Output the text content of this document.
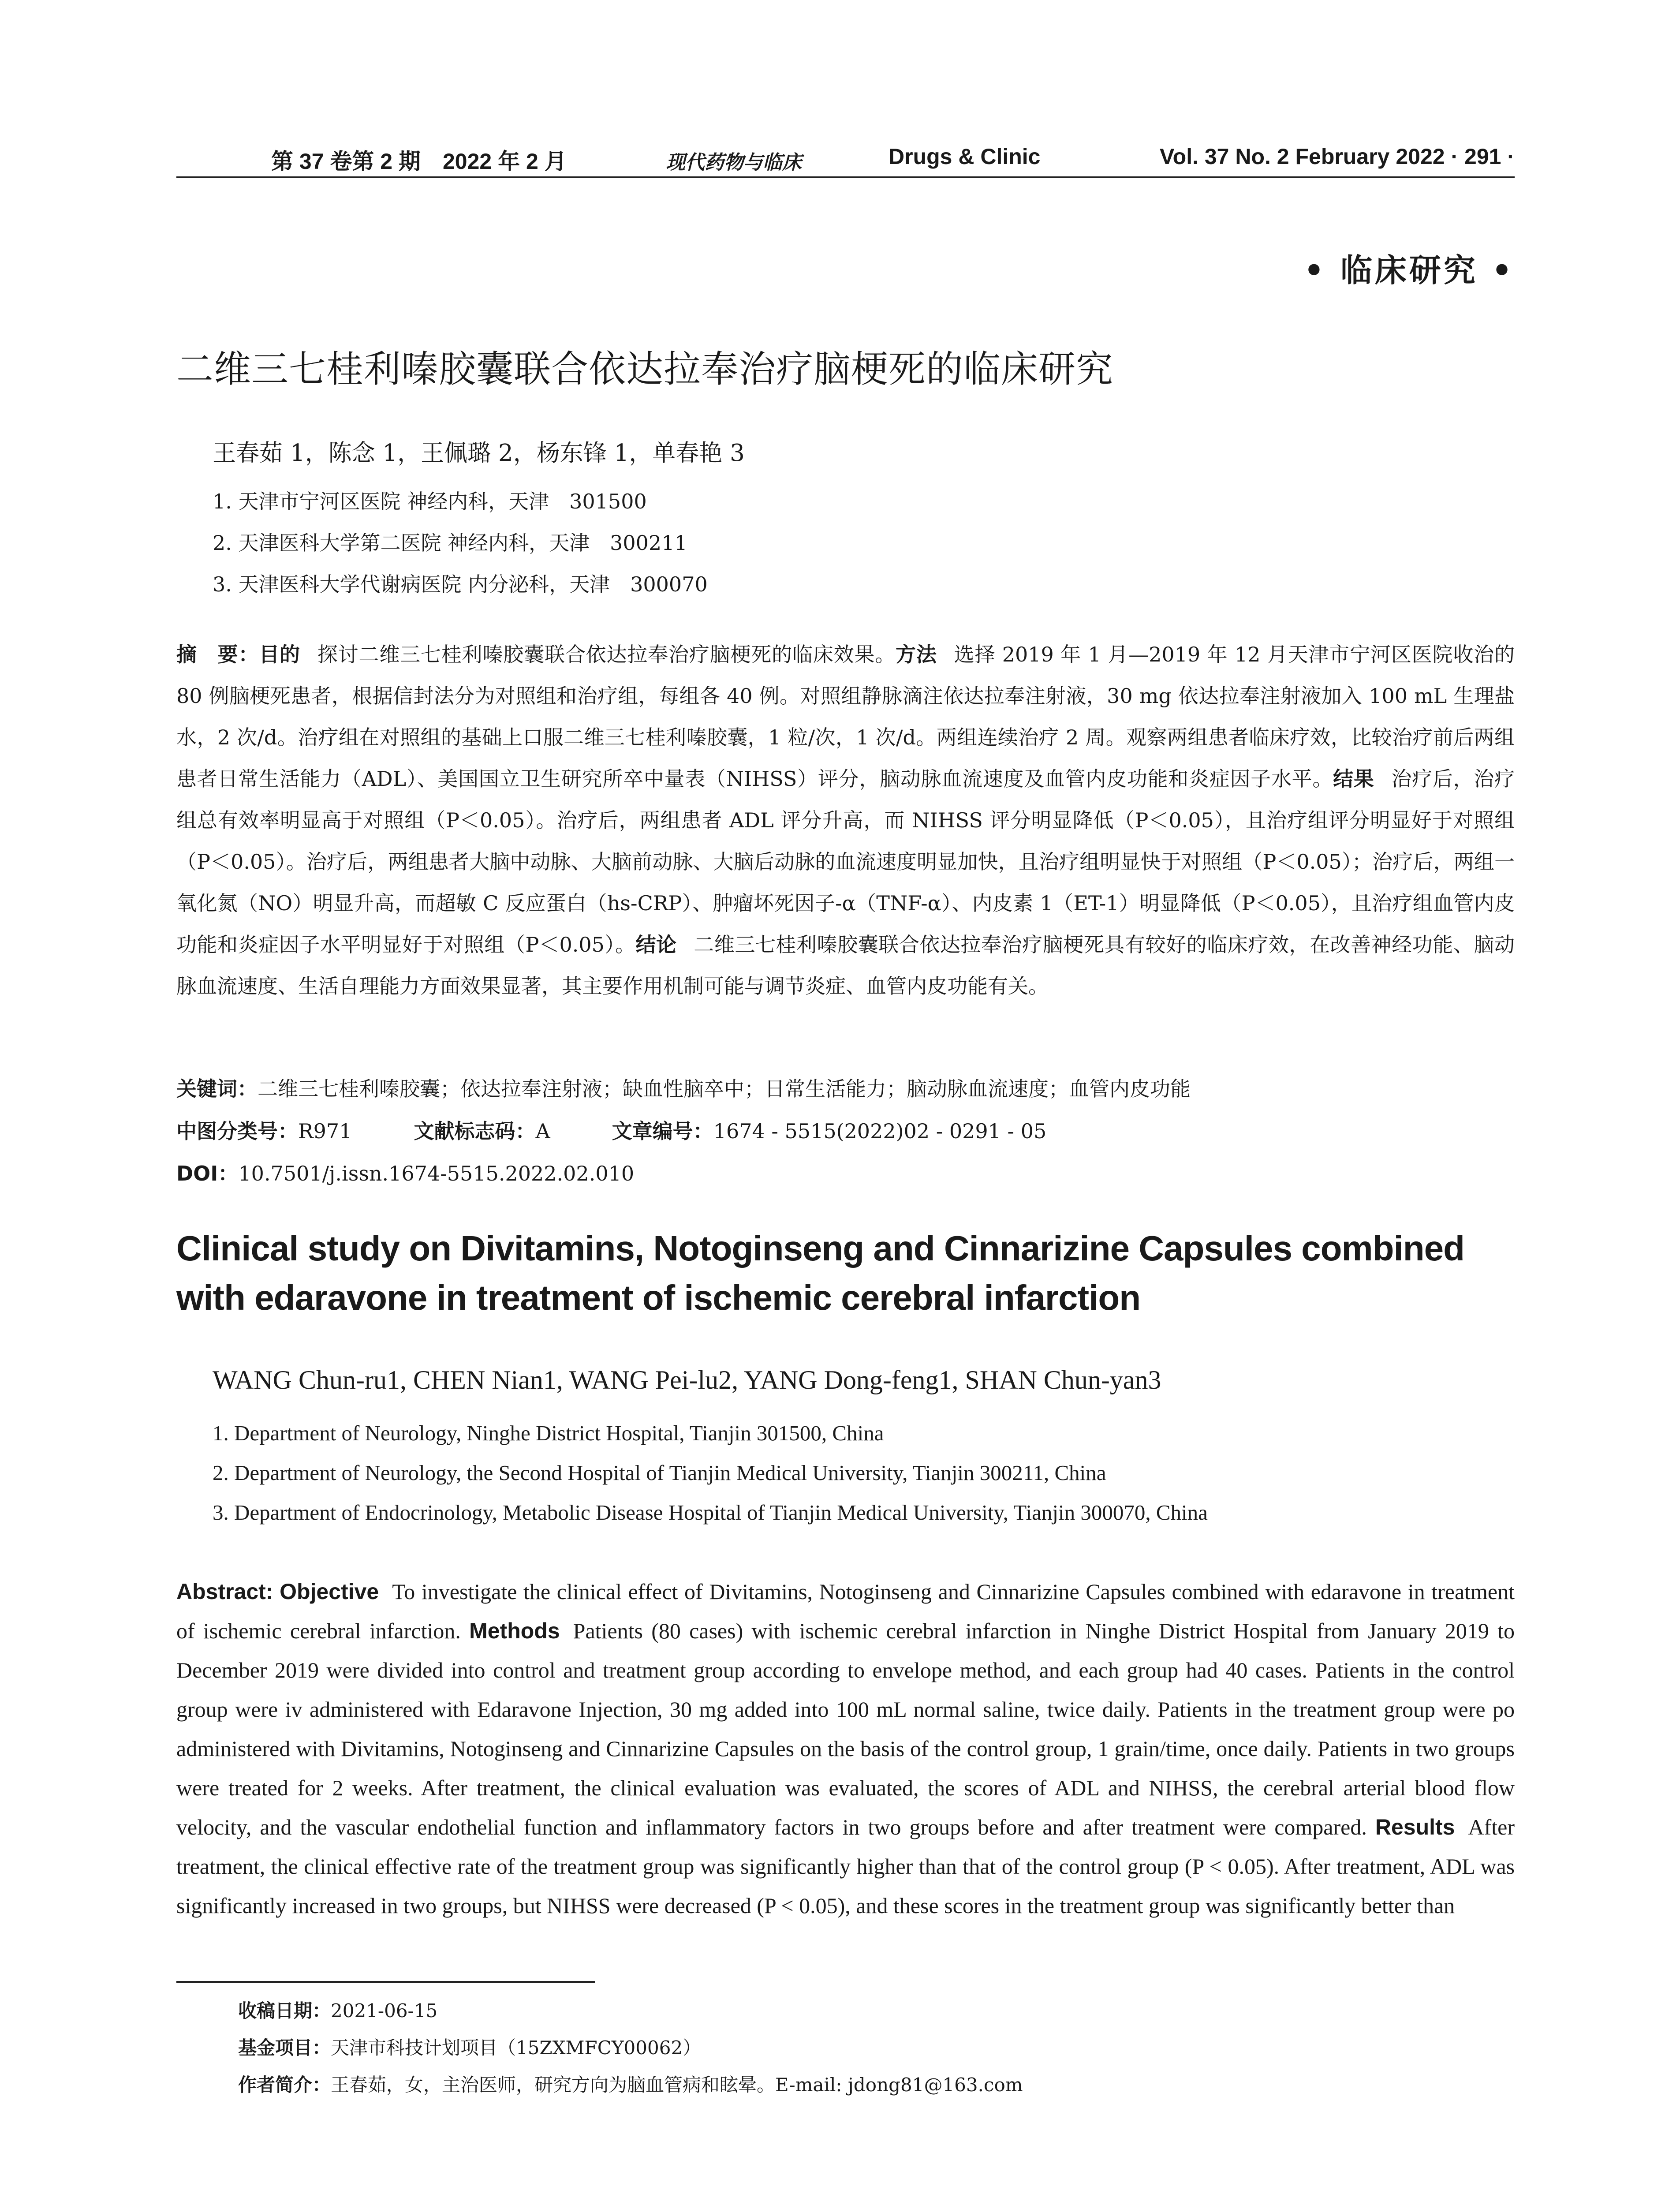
第 37 卷第 2 期　2022 年 2 月	现代药物与临床	Drugs & Clinic	Vol. 37 No. 2 February 2022 · 291 ·
• 临床研究 •
二维三七桂利嗪胶囊联合依达拉奉治疗脑梗死的临床研究
王春茹 1，陈念 1，王佩璐 2，杨东锋 1，单春艳 3
1. 天津市宁河区医院 神经内科，天津　301500
2. 天津医科大学第二医院 神经内科，天津　300211
3. 天津医科大学代谢病医院 内分泌科，天津　300070
摘　要：目的 探讨二维三七桂利嗪胶囊联合依达拉奉治疗脑梗死的临床效果。方法 选择 2019 年 1 月—2019 年 12 月天津市宁河区医院收治的 80 例脑梗死患者，根据信封法分为对照组和治疗组，每组各 40 例。对照组静脉滴注依达拉奉注射液，30 mg 依达拉奉注射液加入 100 mL 生理盐水，2 次/d。治疗组在对照组的基础上口服二维三七桂利嗪胶囊，1 粒/次，1 次/d。两组连续治疗 2 周。观察两组患者临床疗效，比较治疗前后两组患者日常生活能力（ADL）、美国国立卫生研究所卒中量表（NIHSS）评分，脑动脉血流速度及血管内皮功能和炎症因子水平。结果 治疗后，治疗组总有效率明显高于对照组（P＜0.05）。治疗后，两组患者 ADL 评分升高，而 NIHSS 评分明显降低（P＜0.05），且治疗组评分明显好于对照组（P＜0.05）。治疗后，两组患者大脑中动脉、大脑前动脉、大脑后动脉的血流速度明显加快，且治疗组明显快于对照组（P＜0.05）；治疗后，两组一氧化氮（NO）明显升高，而超敏 C 反应蛋白（hs-CRP）、肿瘤坏死因子-α（TNF-α）、内皮素 1（ET-1）明显降低（P＜0.05），且治疗组血管内皮功能和炎症因子水平明显好于对照组（P＜0.05）。结论 二维三七桂利嗪胶囊联合依达拉奉治疗脑梗死具有较好的临床疗效，在改善神经功能、脑动脉血流速度、生活自理能力方面效果显著，其主要作用机制可能与调节炎症、血管内皮功能有关。
关键词：二维三七桂利嗪胶囊；依达拉奉注射液；缺血性脑卒中；日常生活能力；脑动脉血流速度；血管内皮功能
中图分类号：R971	文献标志码：A	文章编号：1674 - 5515(2022)02 - 0291 - 05
DOI：10.7501/j.issn.1674-5515.2022.02.010
Clinical study on Divitamins, Notoginseng and Cinnarizine Capsules combined with edaravone in treatment of ischemic cerebral infarction
WANG Chun-ru1, CHEN Nian1, WANG Pei-lu2, YANG Dong-feng1, SHAN Chun-yan3
1. Department of Neurology, Ninghe District Hospital, Tianjin 301500, China
2. Department of Neurology, the Second Hospital of Tianjin Medical University, Tianjin 300211, China
3. Department of Endocrinology, Metabolic Disease Hospital of Tianjin Medical University, Tianjin 300070, China
Abstract: Objective To investigate the clinical effect of Divitamins, Notoginseng and Cinnarizine Capsules combined with edaravone in treatment of ischemic cerebral infarction. Methods Patients (80 cases) with ischemic cerebral infarction in Ninghe District Hospital from January 2019 to December 2019 were divided into control and treatment group according to envelope method, and each group had 40 cases. Patients in the control group were iv administered with Edaravone Injection, 30 mg added into 100 mL normal saline, twice daily. Patients in the treatment group were po administered with Divitamins, Notoginseng and Cinnarizine Capsules on the basis of the control group, 1 grain/time, once daily. Patients in two groups were treated for 2 weeks. After treatment, the clinical evaluation was evaluated, the scores of ADL and NIHSS, the cerebral arterial blood flow velocity, and the vascular endothelial function and inflammatory factors in two groups before and after treatment were compared. Results After treatment, the clinical effective rate of the treatment group was significantly higher than that of the control group (P < 0.05). After treatment, ADL was significantly increased in two groups, but NIHSS were decreased (P < 0.05), and these scores in the treatment group was significantly better than
收稿日期：2021-06-15
基金项目：天津市科技计划项目（15ZXMFCY00062）
作者简介：王春茹，女，主治医师，研究方向为脑血管病和眩晕。E-mail: jdong81@163.com
